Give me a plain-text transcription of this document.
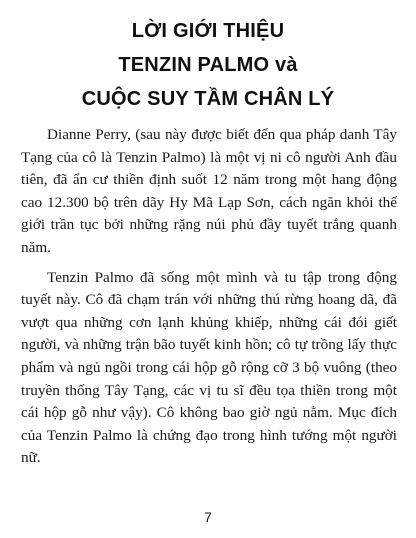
LỜI GIỚI THIỆU
TENZIN PALMO và
CUỘC SUY TẦM CHÂN LÝ

Dianne Perry, (sau này được biết đến qua pháp danh Tây Tạng của cô là Tenzin Palmo) là một vị ni cô người Anh đầu tiên, đã ẩn cư thiền định suốt 12 năm trong một hang động cao 12.300 bộ trên dãy Hy Mã Lạp Sơn, cách ngăn khỏi thế giới trần tục bởi những rặng núi phủ đầy tuyết trắng quanh năm.

Tenzin Palmo đã sống một mình và tu tập trong động tuyết này. Cô đã chạm trán với những thú rừng hoang dã, đã vượt qua những cơn lạnh khủng khiếp, những cái đói giết người, và những trận bão tuyết kinh hồn; cô tự trồng lấy thực phẩm và ngủ ngồi trong cái hộp gỗ rộng cỡ 3 bộ vuông (theo truyền thống Tây Tạng, các vị tu sĩ đều tọa thiền trong một cái hộp gỗ như vậy). Cô không bao giờ ngủ nằm. Mục đích của Tenzin Palmo là chứng đạo trong hình tướng một người nữ.

7
